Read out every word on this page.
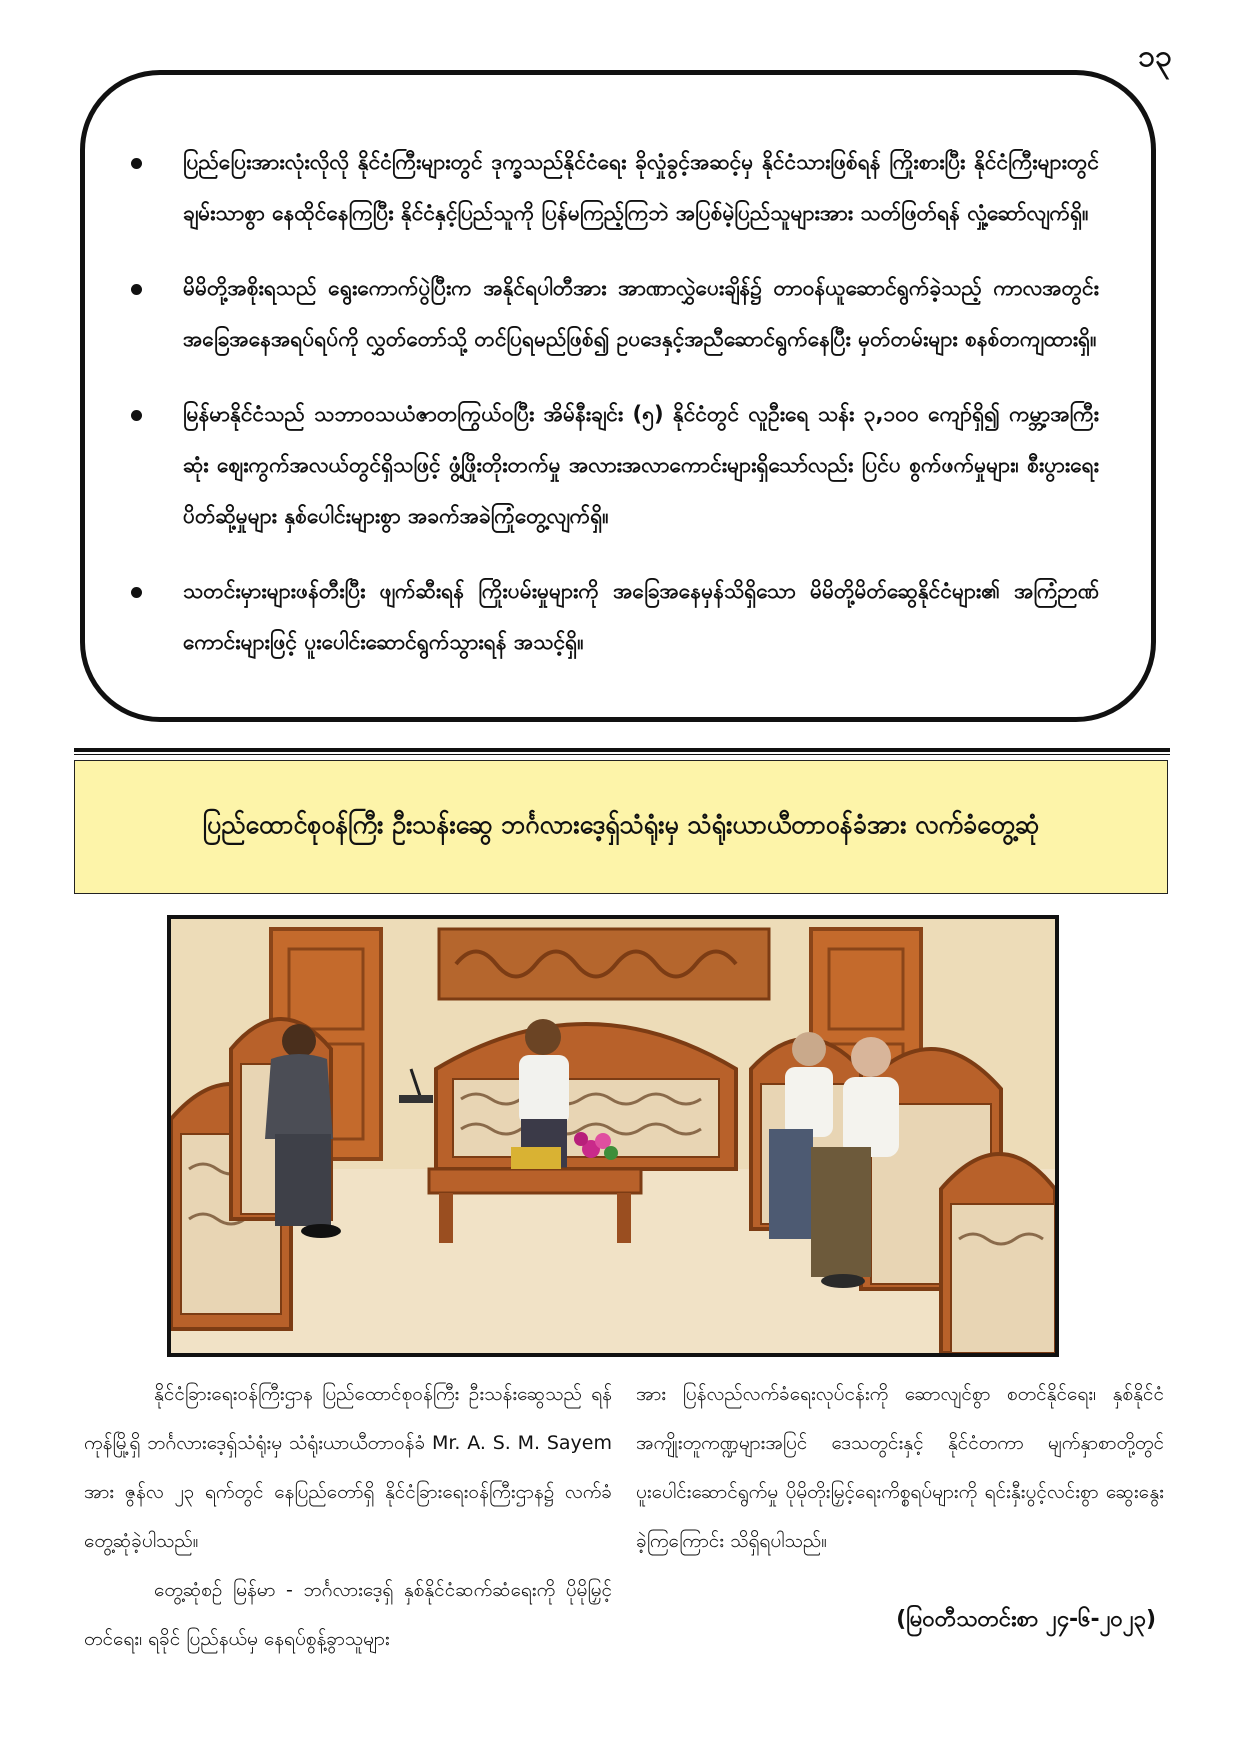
၁၃
ပြည်ပြေးအားလုံးလိုလို နိုင်ငံကြီးများတွင် ဒုက္ခသည်နိုင်ငံရေး ခိုလှုံခွင့်အဆင့်မှ နိုင်ငံသားဖြစ်ရန် ကြိုးစားပြီး နိုင်ငံကြီးများတွင် ချမ်းသာစွာ နေထိုင်နေကြပြီး နိုင်ငံနှင့်ပြည်သူကို ပြန်မကြည့်ကြဘဲ အပြစ်မဲ့ပြည်သူများအား သတ်ဖြတ်ရန် လှုံ့ဆော်လျက်ရှိ။
မိမိတို့အစိုးရသည် ရွေးကောက်ပွဲပြီးက အနိုင်ရပါတီအား အာဏာလွှဲပေးချိန်၌ တာဝန်ယူဆောင်ရွက်ခဲ့သည့် ကာလအတွင်း အခြေအနေအရပ်ရပ်ကို လွှတ်တော်သို့ တင်ပြရမည်ဖြစ်၍ ဥပဒေနှင့်အညီဆောင်ရွက်နေပြီး မှတ်တမ်းများ စနစ်တကျထားရှိ။
မြန်မာနိုင်ငံသည် သဘာဝသယံဇာတကြွယ်ဝပြီး အိမ်နီးချင်း (၅) နိုင်ငံတွင် လူဦးရေ သန်း ၃,၁၀၀ ကျော်ရှိ၍ ကမ္ဘာ့အကြီးဆုံး ဈေးကွက်အလယ်တွင်ရှိသဖြင့် ဖွံ့ဖြိုးတိုးတက်မှု အလားအလာကောင်းများရှိသော်လည်း ပြင်ပ စွက်ဖက်မှုများ၊ စီးပွားရေး ပိတ်ဆို့မှုများ နှစ်ပေါင်းများစွာ အခက်အခဲကြုံတွေ့လျက်ရှိ။
သတင်းမှားများဖန်တီးပြီး ဖျက်ဆီးရန် ကြိုးပမ်းမှုများကို အခြေအနေမှန်သိရှိသော မိမိတို့မိတ်ဆွေနိုင်ငံများ၏ အကြံဉာဏ်ကောင်းများဖြင့် ပူးပေါင်းဆောင်ရွက်သွားရန် အသင့်ရှိ။
ပြည်ထောင်စုဝန်ကြီး ဦးသန်းဆွေ ဘင်္ဂလားဒေ့ရှ်သံရုံးမှ သံရုံးယာယီတာဝန်ခံအား လက်ခံတွေ့ဆုံ

နိုင်ငံခြားရေးဝန်ကြီးဌာန ပြည်ထောင်စုဝန်ကြီး ဦးသန်းဆွေသည် ရန်ကုန်မြို့ရှိ ဘင်္ဂလားဒေ့ရှ်သံရုံးမှ သံရုံးယာယီတာဝန်ခံ Mr. A. S. M. Sayem အား ဇွန်လ ၂၃ ရက်တွင် နေပြည်တော်ရှိ နိုင်ငံခြားရေးဝန်ကြီးဌာန၌ လက်ခံတွေ့ဆုံခဲ့ပါသည်။

တွေ့ဆုံစဉ် မြန်မာ - ဘင်္ဂလားဒေ့ရှ် နှစ်နိုင်ငံဆက်ဆံရေးကို ပိုမိုမြှင့်တင်ရေး၊ ရခိုင် ပြည်နယ်မှ နေရပ်စွန့်ခွာသူများ

အား ပြန်လည်လက်ခံရေးလုပ်ငန်းကို ဆောလျင်စွာ စတင်နိုင်ရေး၊ နှစ်နိုင်ငံအကျိုးတူကဏ္ဍများအပြင် ဒေသတွင်းနှင့် နိုင်ငံတကာ မျက်နှာစာတို့တွင် ပူးပေါင်းဆောင်ရွက်မှု ပိုမိုတိုးမြှင့်ရေးကိစ္စရပ်များကို ရင်းနှီးပွင့်လင်းစွာ ဆွေးနွေးခဲ့ကြကြောင်း သိရှိရပါသည်။

(မြဝတီသတင်းစာ ၂၄-၆-၂၀၂၃)
